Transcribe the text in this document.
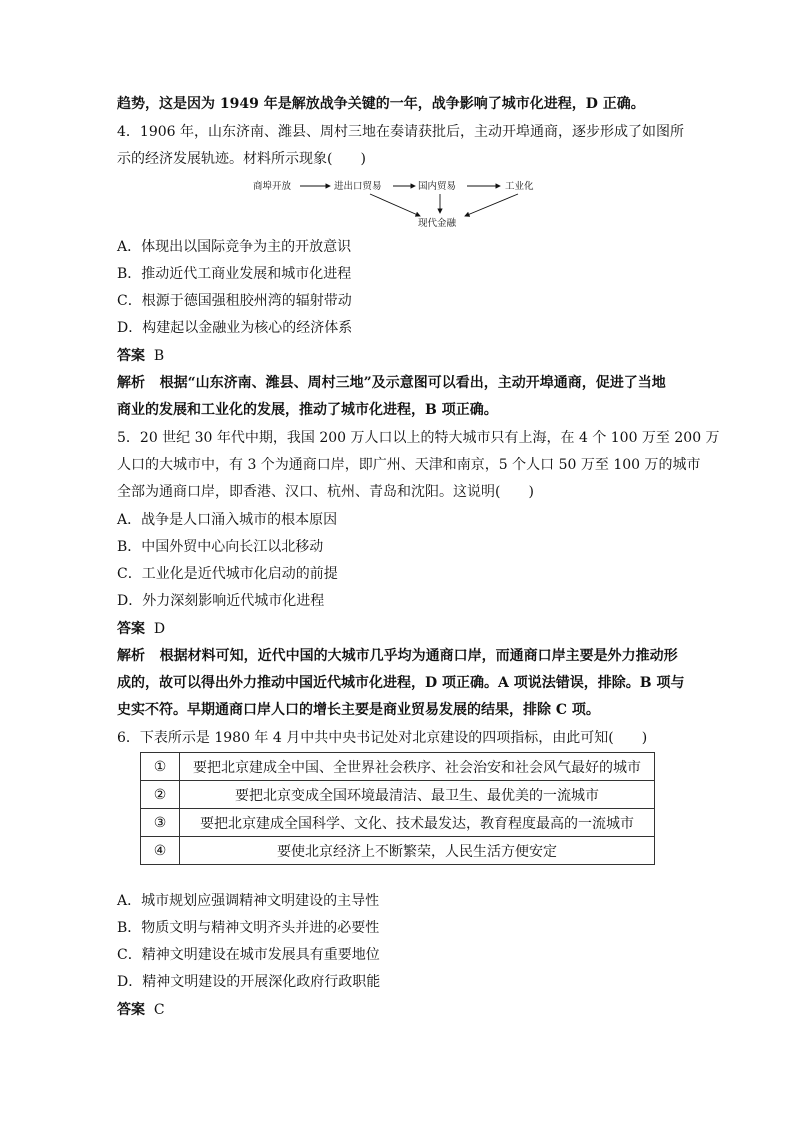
趋势，这是因为 1949 年是解放战争关键的一年，战争影响了城市化进程，D 正确。
4．1906 年，山东济南、潍县、周村三地在奏请获批后，主动开埠通商，逐步形成了如图所
示的经济发展轨迹。材料所示现象(　　)
商埠开放	进出口贸易	国内贸易	工业化
现代金融
A．体现出以国际竞争为主的开放意识
B．推动近代工商业发展和城市化进程
C．根源于德国强租胶州湾的辐射带动
D．构建起以金融业为核心的经济体系
答案 B
解析 根据“山东济南、潍县、周村三地”及示意图可以看出，主动开埠通商，促进了当地
商业的发展和工业化的发展，推动了城市化进程，B 项正确。
5．20 世纪 30 年代中期，我国 200 万人口以上的特大城市只有上海，在 4 个 100 万至 200 万
人口的大城市中，有 3 个为通商口岸，即广州、天津和南京，5 个人口 50 万至 100 万的城市
全部为通商口岸，即香港、汉口、杭州、青岛和沈阳。这说明(　　)
A．战争是人口涌入城市的根本原因
B．中国外贸中心向长江以北移动
C．工业化是近代城市化启动的前提
D．外力深刻影响近代城市化进程
答案 D
解析 根据材料可知，近代中国的大城市几乎均为通商口岸，而通商口岸主要是外力推动形
成的，故可以得出外力推动中国近代城市化进程，D 项正确。A 项说法错误，排除。B 项与
史实不符。早期通商口岸人口的增长主要是商业贸易发展的结果，排除 C 项。
6．下表所示是 1980 年 4 月中共中央书记处对北京建设的四项指标，由此可知(　　)
①	要把北京建成全中国、全世界社会秩序、社会治安和社会风气最好的城市
②	要把北京变成全国环境最清洁、最卫生、最优美的一流城市
③	要把北京建成全国科学、文化、技术最发达，教育程度最高的一流城市
④	要使北京经济上不断繁荣，人民生活方便安定
A．城市规划应强调精神文明建设的主导性
B．物质文明与精神文明齐头并进的必要性
C．精神文明建设在城市发展具有重要地位
D．精神文明建设的开展深化政府行政职能
答案 C
